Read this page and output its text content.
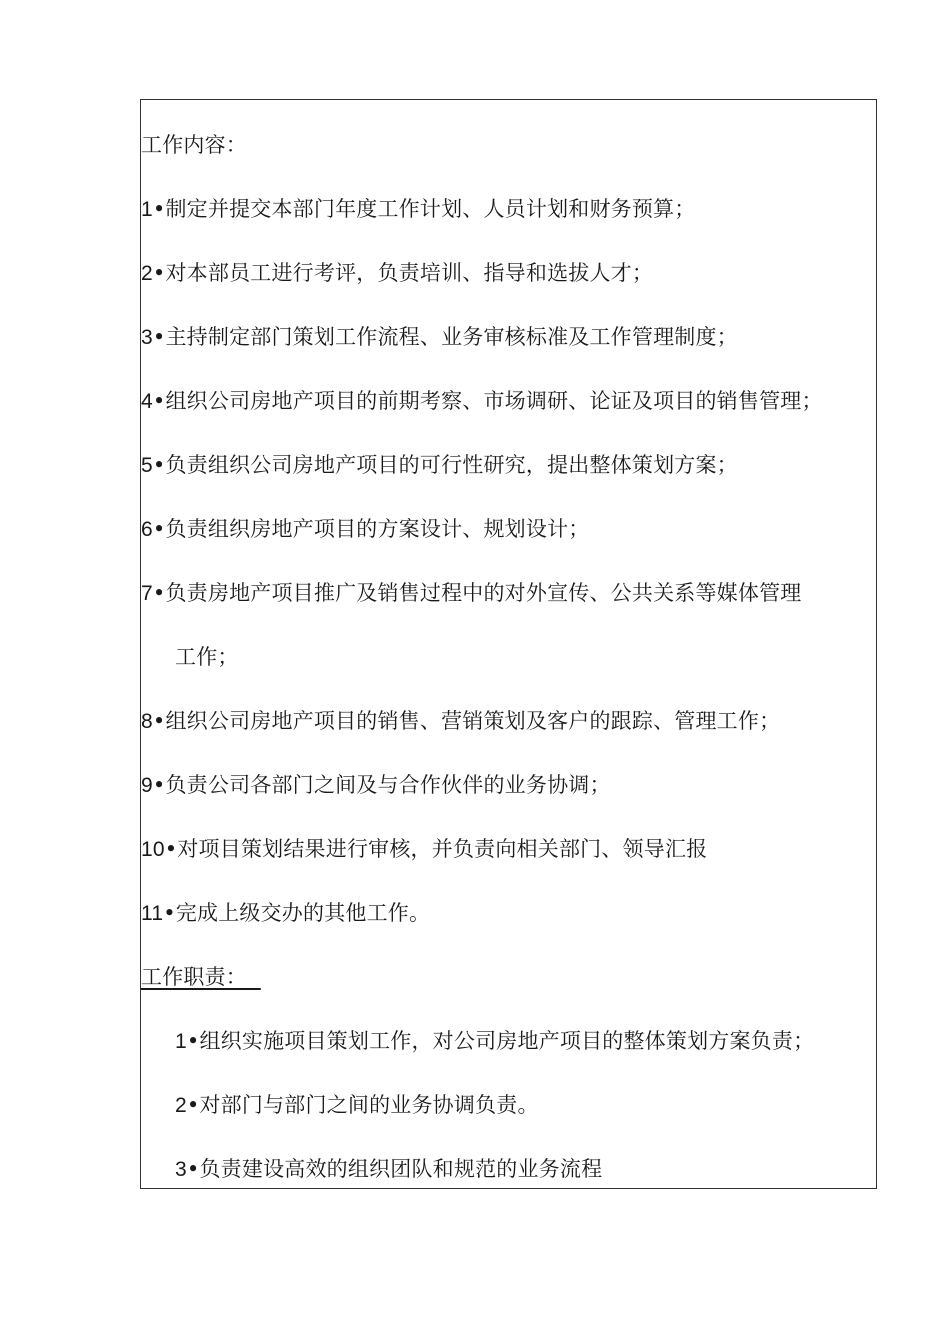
工作内容：
1•制定并提交本部门年度工作计划、人员计划和财务预算；
2•对本部员工进行考评，负责培训、指导和选拔人才；
3•主持制定部门策划工作流程、业务审核标准及工作管理制度；
4•组织公司房地产项目的前期考察、市场调研、论证及项目的销售管理；
5•负责组织公司房地产项目的可行性研究，提出整体策划方案；
6•负责组织房地产项目的方案设计、规划设计；
7•负责房地产项目推广及销售过程中的对外宣传、公共关系等媒体管理
工作；
8•组织公司房地产项目的销售、营销策划及客户的跟踪、管理工作；
9•负责公司各部门之间及与合作伙伴的业务协调；
10•对项目策划结果进行审核，并负责向相关部门、领导汇报
11•完成上级交办的其他工作。
工作职责：
1•组织实施项目策划工作，对公司房地产项目的整体策划方案负责；
2•对部门与部门之间的业务协调负责。
3•负责建设高效的组织团队和规范的业务流程
